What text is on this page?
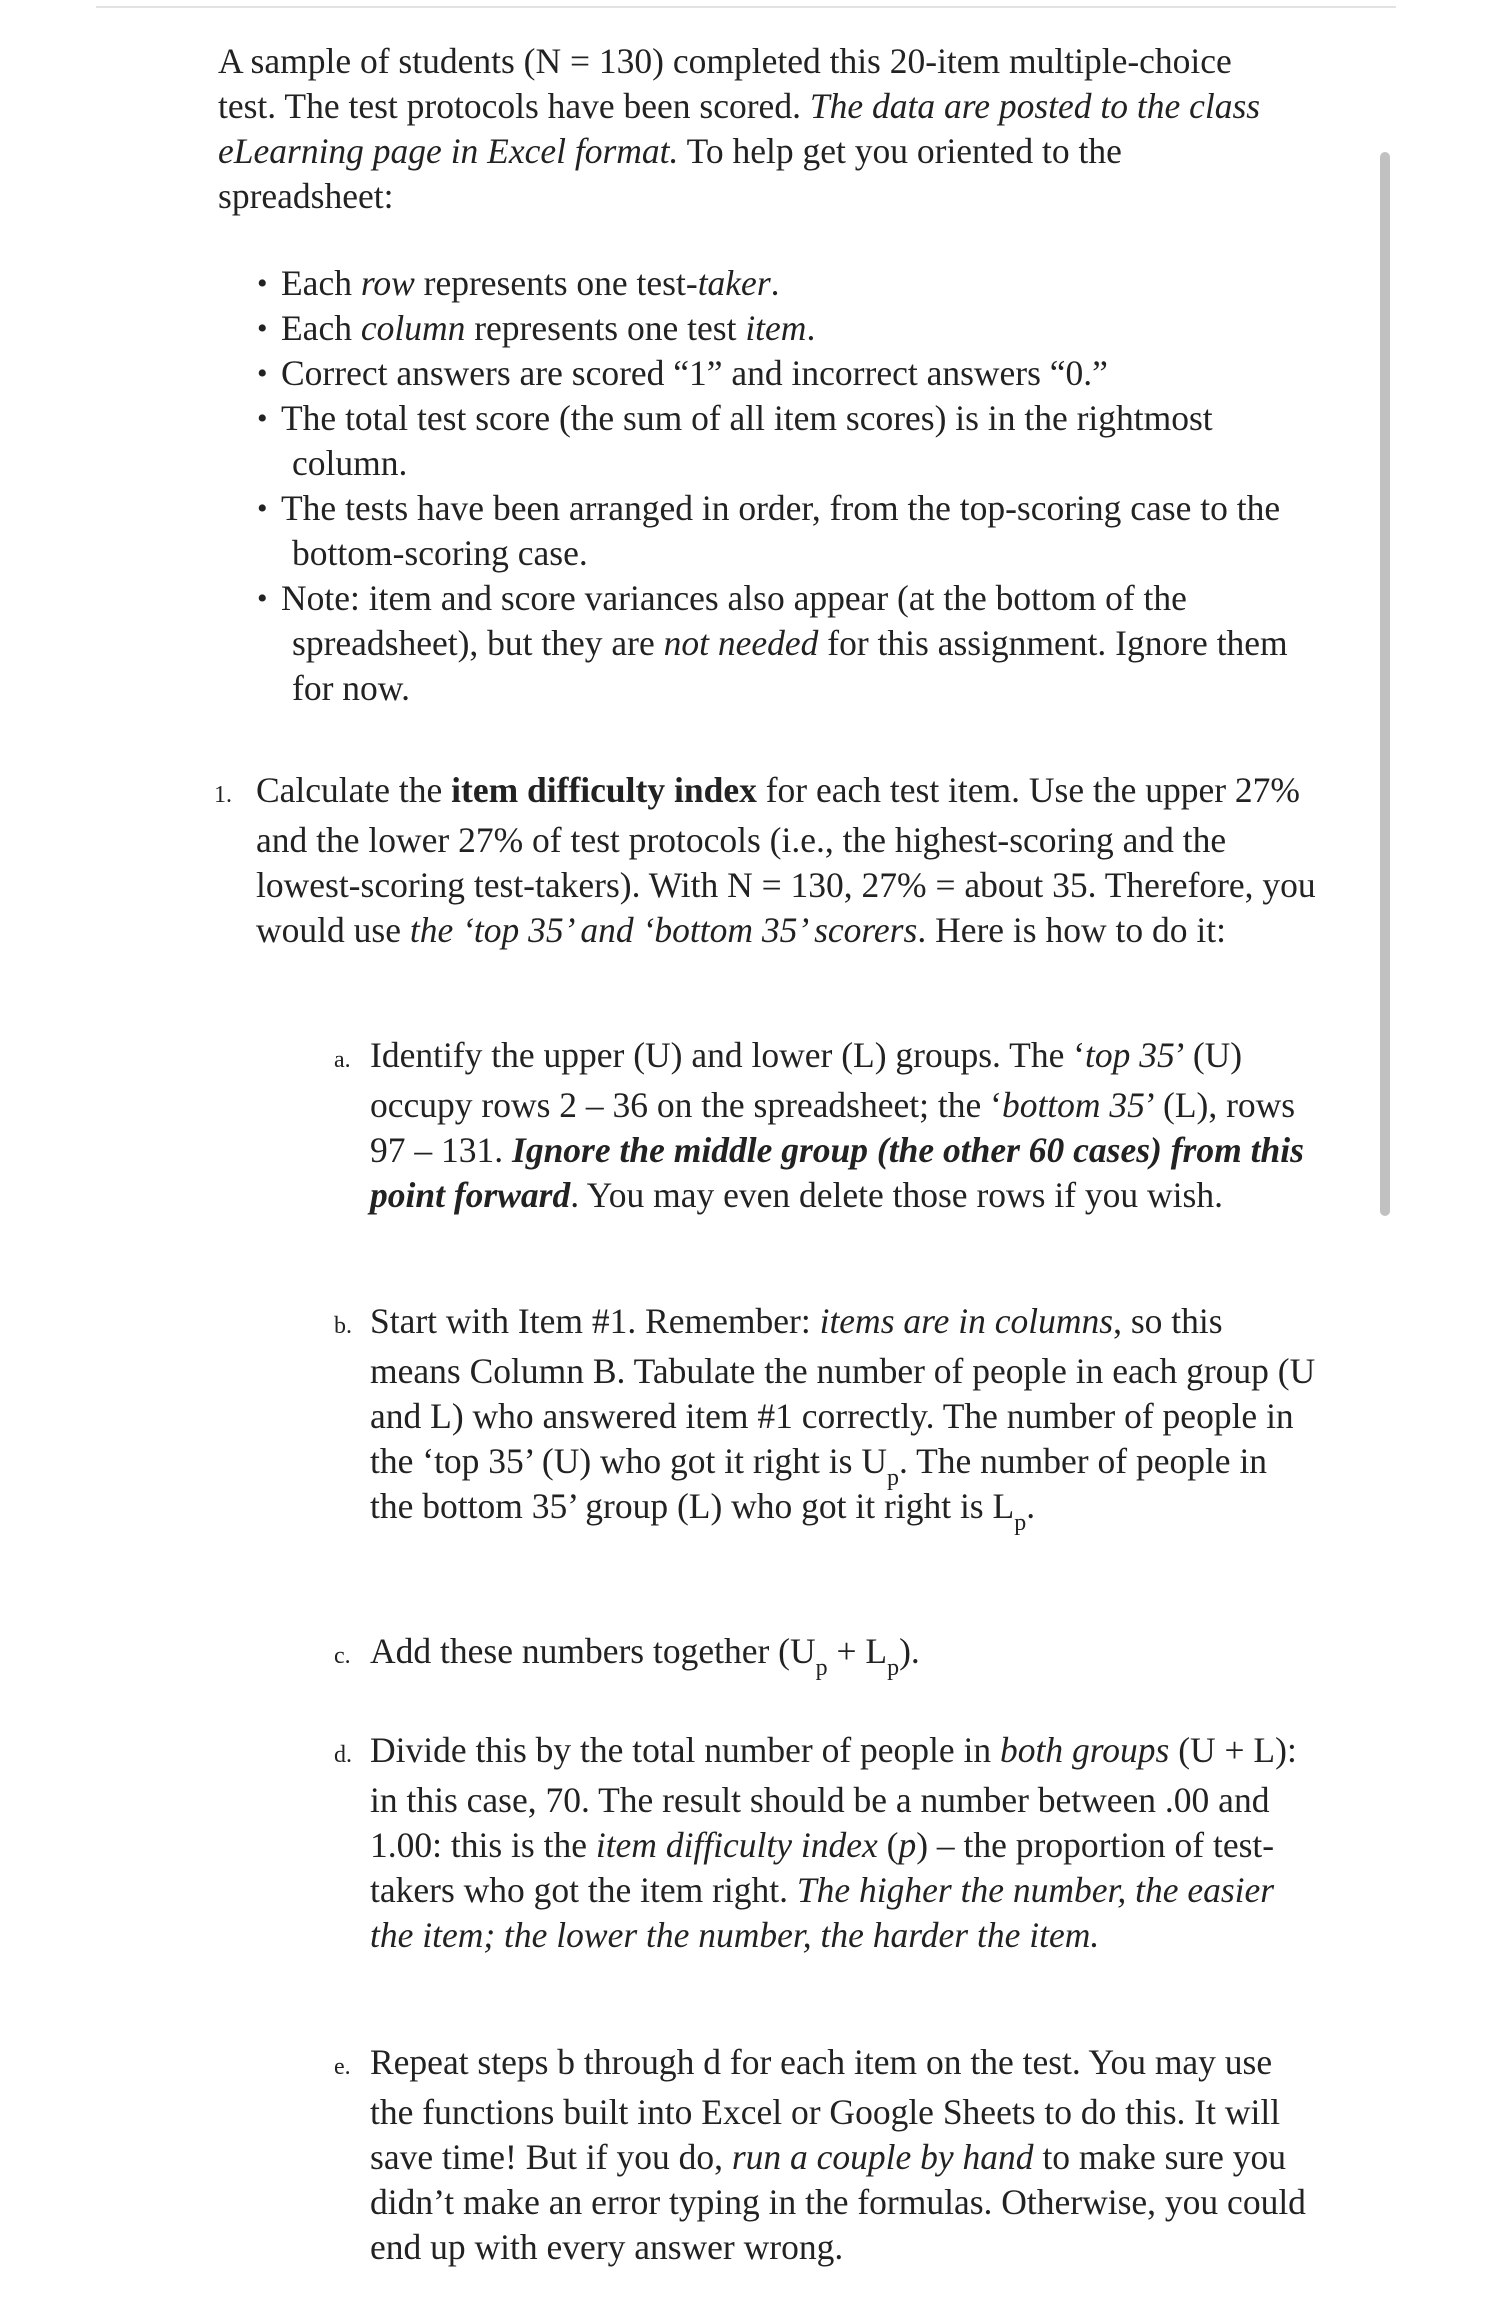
A sample of students (N = 130) completed this 20-item multiple-choice test. The test protocols have been scored. The data are posted to the class eLearning page in Excel format. To help get you oriented to the spreadsheet:

• Each row represents one test-taker.
• Each column represents one test item.
• Correct answers are scored “1” and incorrect answers “0.”
• The total test score (the sum of all item scores) is in the rightmost column.
• The tests have been arranged in order, from the top-scoring case to the bottom-scoring case.
• Note: item and score variances also appear (at the bottom of the spreadsheet), but they are not needed for this assignment. Ignore them for now.

1. Calculate the item difficulty index for each test item. Use the upper 27% and the lower 27% of test protocols (i.e., the highest-scoring and the lowest-scoring test-takers). With N = 130, 27% = about 35. Therefore, you would use the ‘top 35’ and ‘bottom 35’ scorers. Here is how to do it:

a. Identify the upper (U) and lower (L) groups. The ‘top 35’ (U) occupy rows 2 – 36 on the spreadsheet; the ‘bottom 35’ (L), rows 97 – 131. Ignore the middle group (the other 60 cases) from this point forward. You may even delete those rows if you wish.

b. Start with Item #1. Remember: items are in columns, so this means Column B. Tabulate the number of people in each group (U and L) who answered item #1 correctly. The number of people in the ‘top 35’ (U) who got it right is $U_p$. The number of people in the bottom 35’ group (L) who got it right is $L_p$.

c. Add these numbers together $(U_p + L_p)$.

d. Divide this by the total number of people in both groups (U + L): in this case, 70. The result should be a number between .00 and 1.00: this is the item difficulty index (p) – the proportion of test-takers who got the item right. The higher the number, the easier the item; the lower the number, the harder the item.

e. Repeat steps b through d for each item on the test. You may use the functions built into Excel or Google Sheets to do this. It will save time! But if you do, run a couple by hand to make sure you didn’t make an error typing in the formulas. Otherwise, you could end up with every answer wrong.
